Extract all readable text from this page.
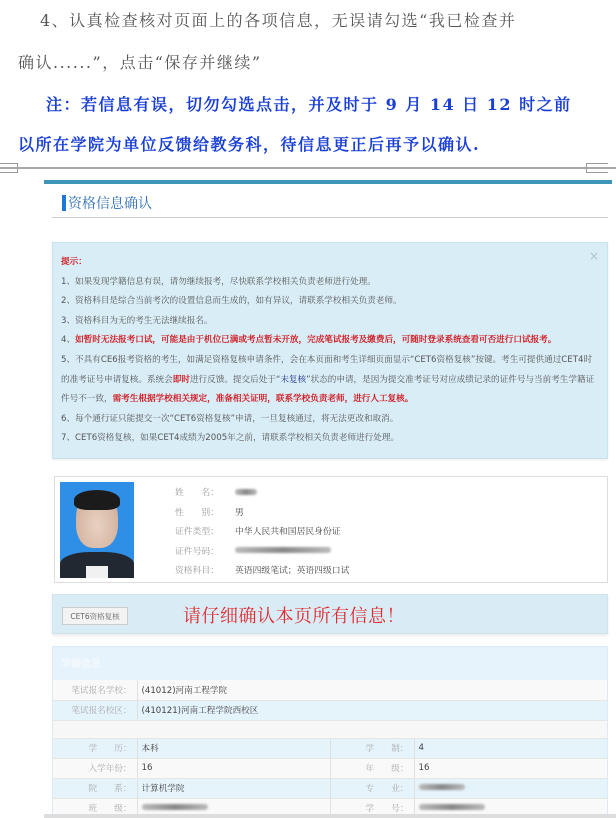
4、认真检查核对页面上的各项信息，无误请勾选“我已检查并
确认......”，点击“保存并继续”
注：若信息有误，切勿勾选点击，并及时于 9 月 14 日 12 时之前
以所在学院为单位反馈给教务科，待信息更正后再予以确认.
资格信息确认
×
提示：
1、如果发现学籍信息有误，请勿继续报考，尽快联系学校相关负责老师进行处理。
2、资格科目是综合当前考次的设置信息而生成的，如有异议，请联系学校相关负责老师。
3、资格科目为无的考生无法继续报名。
4、如暂时无法报考口试，可能是由于机位已满或考点暂未开放，完成笔试报考及缴费后，可随时登录系统查看可否进行口试报考。
5、不具有CE6报考资格的考生，如满足资格复核申请条件，会在本页面和考生详细页面显示“CET6资格复核”按键。考生可提供通过CET4时的准考证号申请复核。系统会即时进行反馈。提交后处于“未复核”状态的申请，是因为提交准考证号对应成绩记录的证件号与当前考生学籍证件号不一致，需考生根据学校相关规定，准备相关证明，联系学校负责老师，进行人工复核。
6、每个通行证只能提交一次“CET6资格复核”申请，一旦复核通过，将无法更改和取消。
7、CET6资格复核，如果CET4成绩为2005年之前，请联系学校相关负责老师进行处理。
姓　　名：
性　　别：	男
证件类型：	中华人民共和国居民身份证
证件号码：
资格科目：	英语四级笔试；英语四级口试
CET6资格复核	请仔细确认本页所有信息！
学籍信息
笔试报名学校：	(41012)河南工程学院		
笔试报名校区：	(410121)河南工程学院西校区		

学　　历：	本科	学　　制：	4
入学年份：	16	年　　级：	16
院　　系：	计算机学院	专　　业：	
班　　级：		学　　号：	
